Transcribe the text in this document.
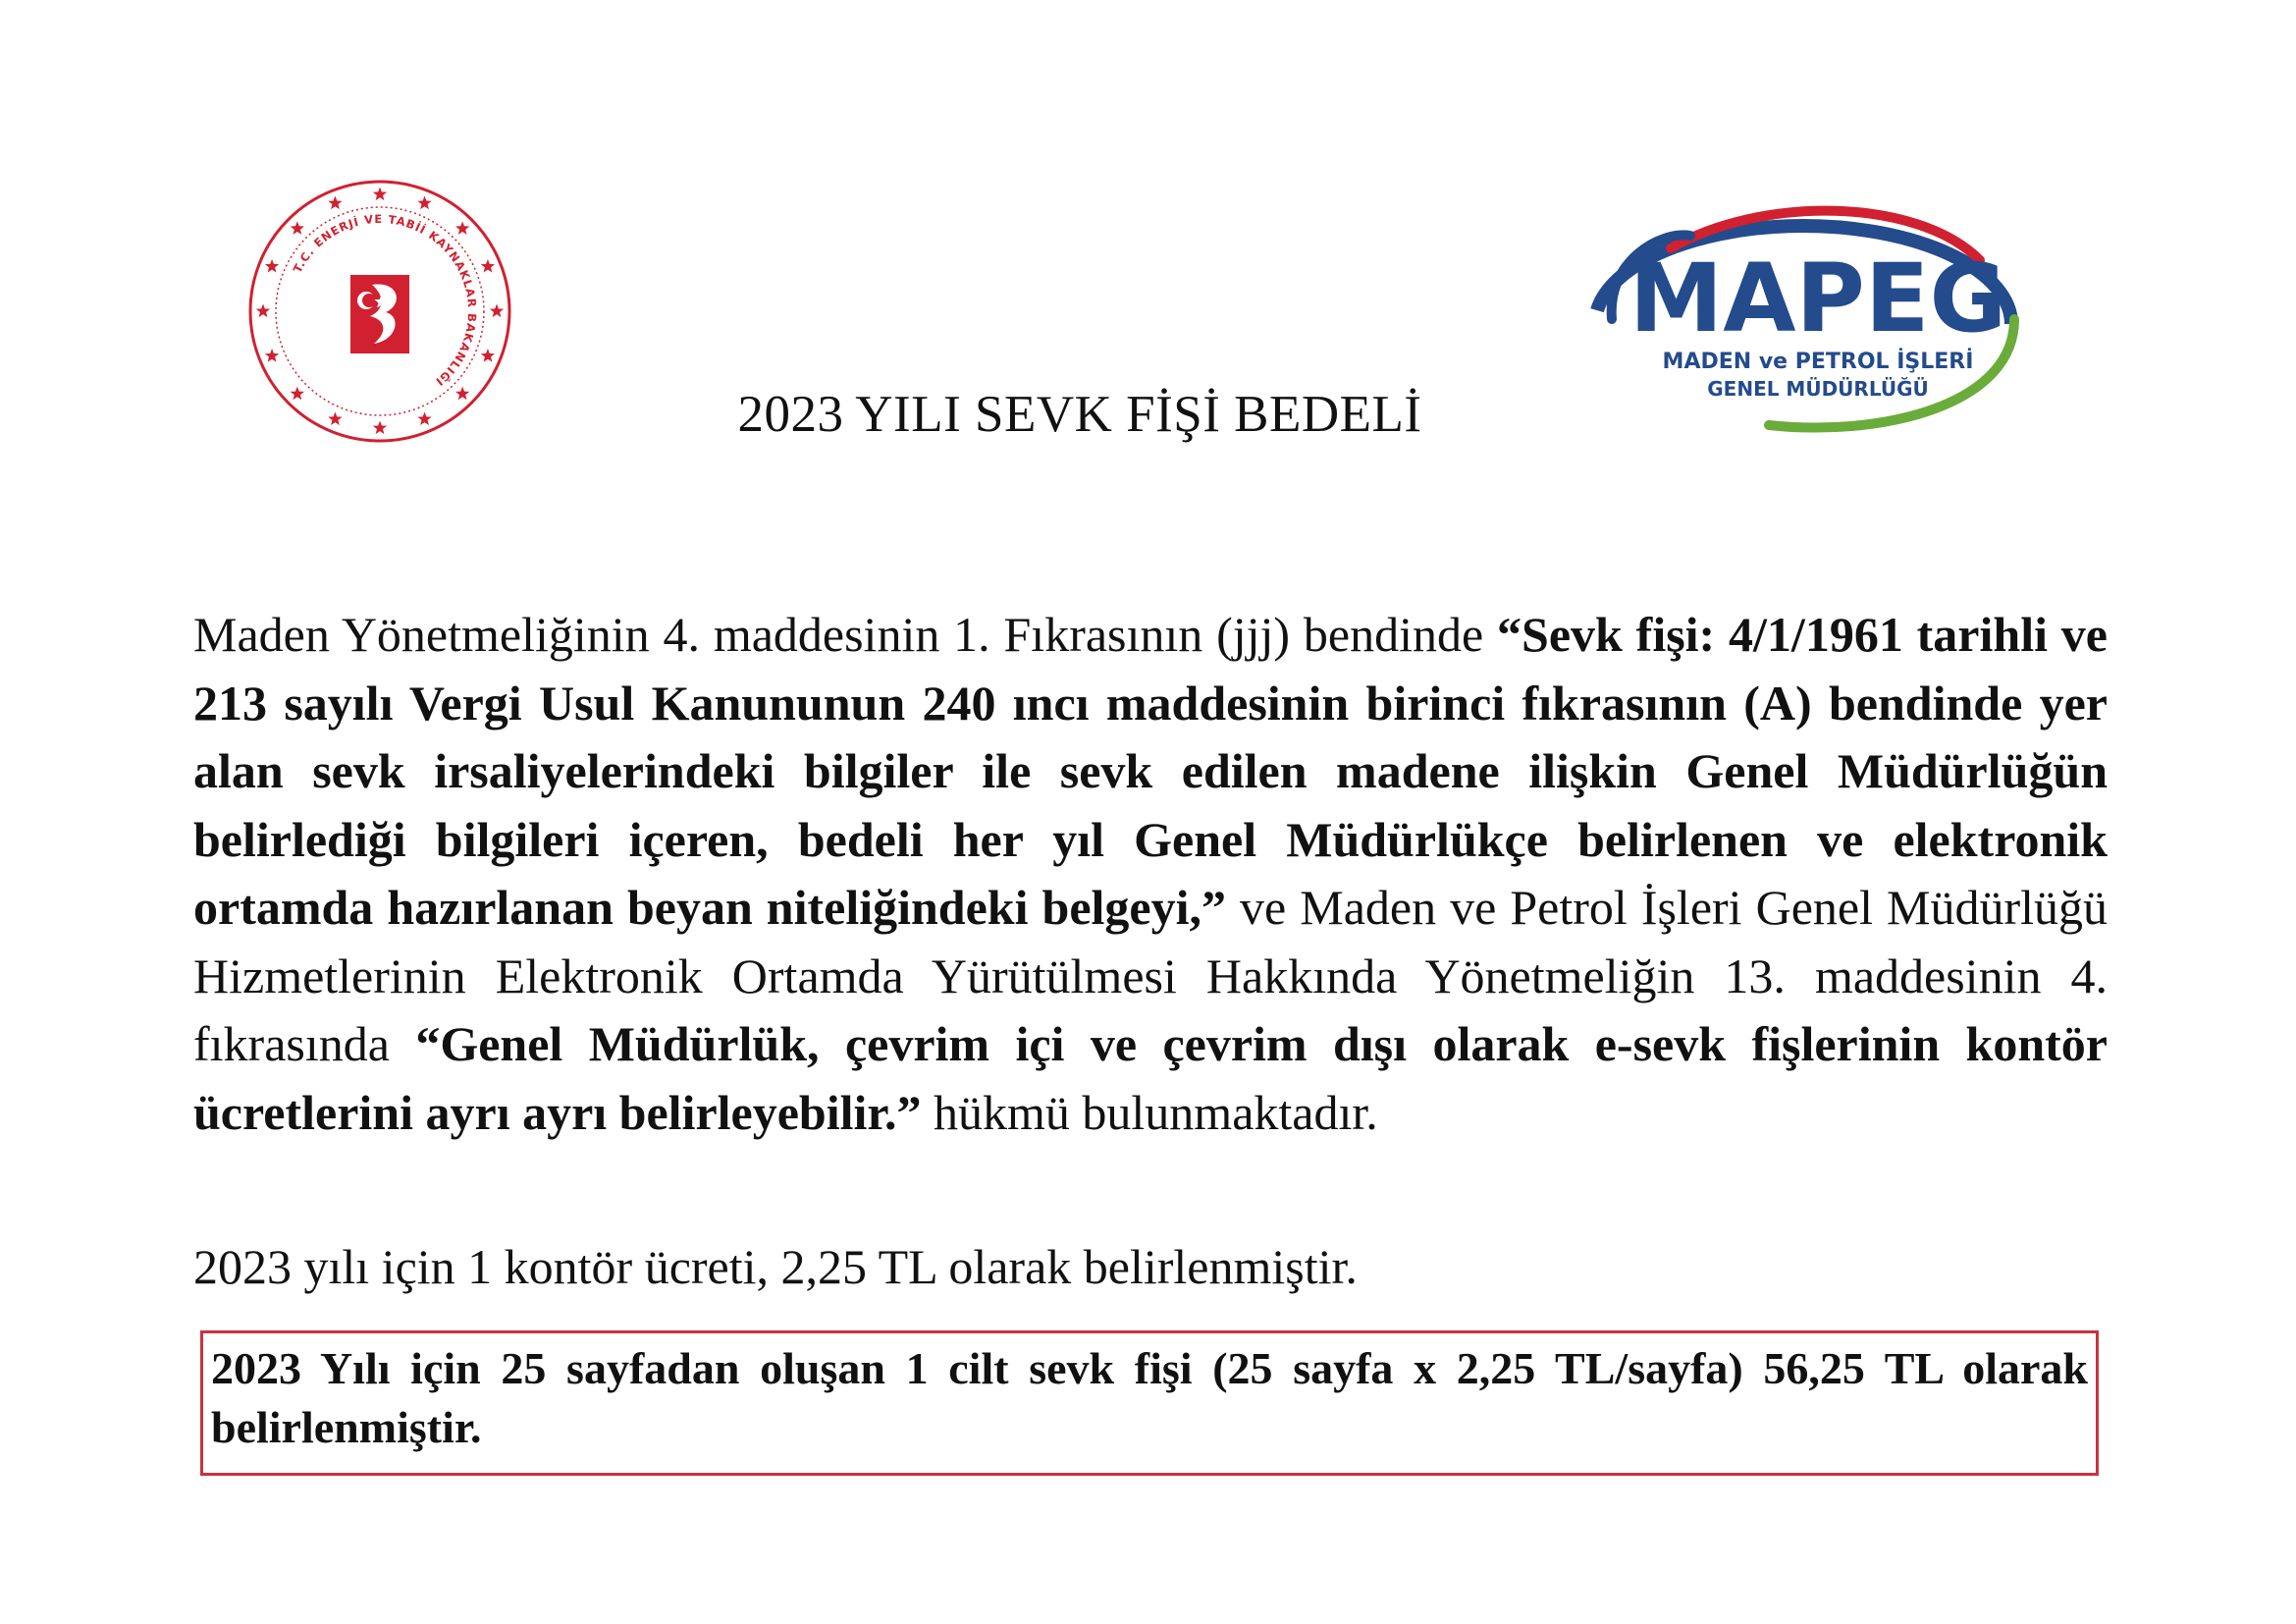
T.C. ENERJİ VE TABİİ KAYNAKLAR BAKANLIĞI
MAPEG
MADEN ve PETROL İŞLERİ
GENEL MÜDÜRLÜĞÜ
2023 YILI SEVK FİŞİ BEDELİ
Maden Yönetmeliğinin 4. maddesinin 1. Fıkrasının (jjj) bendinde “Sevk fişi: 4/1/1961 tarihli ve 213 sayılı Vergi Usul Kanununun 240 ıncı maddesinin birinci fıkrasının (A) bendinde yer alan sevk irsaliyelerindeki bilgiler ile sevk edilen madene ilişkin Genel Müdürlüğün belirlediği bilgileri içeren, bedeli her yıl Genel Müdürlükçe belirlenen ve elektronik ortamda hazırlanan beyan niteliğindeki belgeyi,” ve Maden ve Petrol İşleri Genel Müdürlüğü Hizmetlerinin Elektronik Ortamda Yürütülmesi Hakkında Yönetmeliğin 13. maddesinin 4. fıkrasında “Genel Müdürlük, çevrim içi ve çevrim dışı olarak e-sevk fişlerinin kontör ücretlerini ayrı ayrı belirleyebilir.” hükmü bulunmaktadır.
2023 yılı için 1 kontör ücreti, 2,25 TL olarak belirlenmiştir.
2023 Yılı için 25 sayfadan oluşan 1 cilt sevk fişi (25 sayfa x 2,25 TL/sayfa) 56,25 TL olarak belirlenmiştir.
